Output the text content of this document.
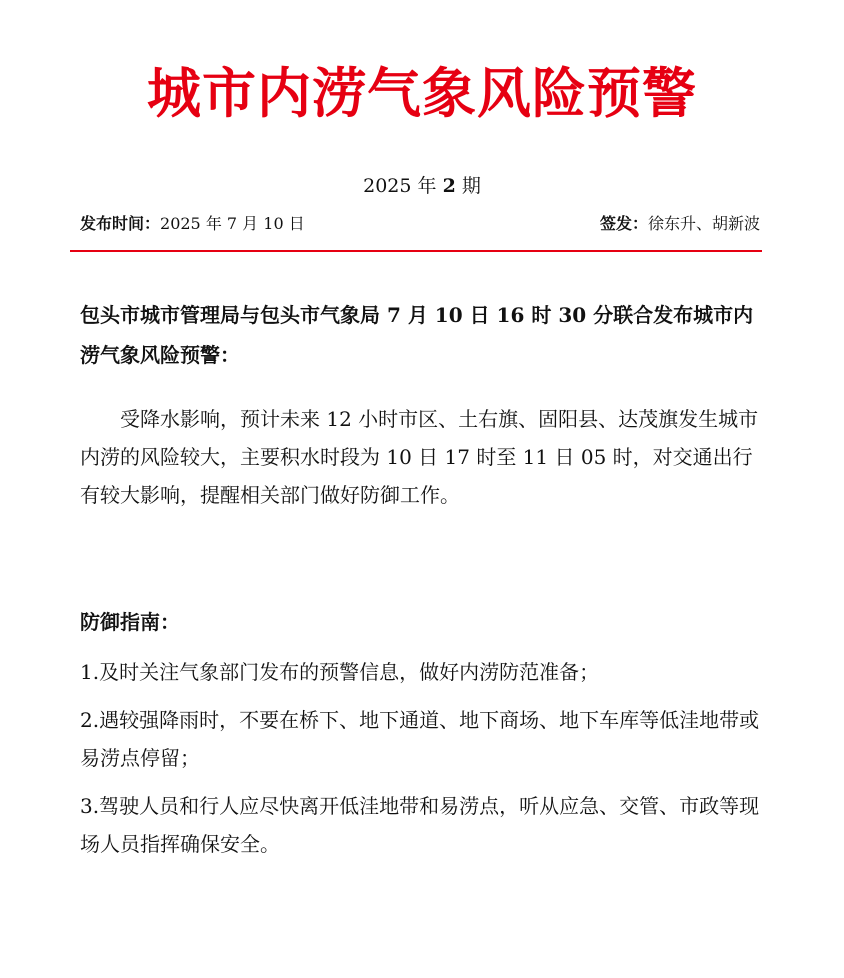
城市内涝气象风险预警
2025 年 2 期
发布时间：2025 年 7 月 10 日	签发：徐东升、胡新波
包头市城市管理局与包头市气象局 7 月 10 日 16 时 30 分联合发布城市内涝气象风险预警：
受降水影响，预计未来 12 小时市区、土右旗、固阳县、达茂旗发生城市内涝的风险较大，主要积水时段为 10 日 17 时至 11 日 05 时，对交通出行有较大影响，提醒相关部门做好防御工作。
防御指南：
1.及时关注气象部门发布的预警信息，做好内涝防范准备；
2.遇较强降雨时，不要在桥下、地下通道、地下商场、地下车库等低洼地带或易涝点停留；
3.驾驶人员和行人应尽快离开低洼地带和易涝点，听从应急、交管、市政等现场人员指挥确保安全。
